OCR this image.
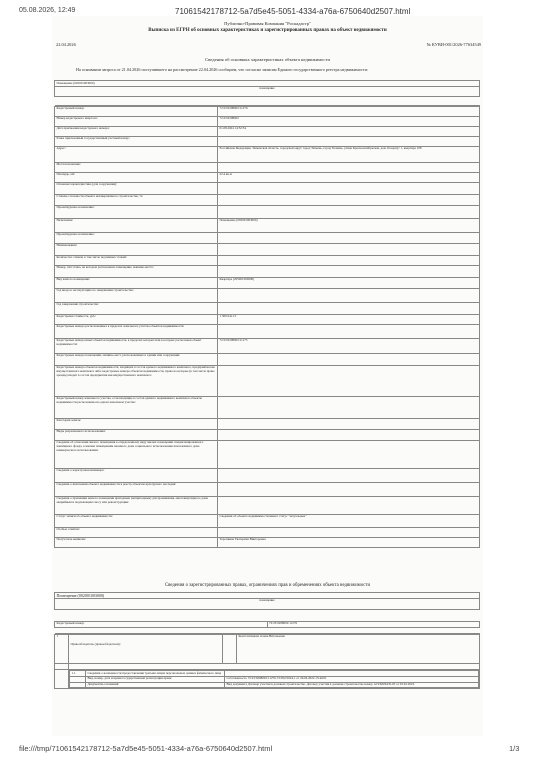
05.08.2026, 12:49	71061542178712-5a7d5e45-5051-4334-a76a-6750640d2507.html
Публично-Правовая Компания "Роскадастр"
Выписка из ЕГРН об основных характеристиках и зарегистрированных правах на объект недвижимости
22.04.2026	№ КУВИ-001/2026-77634549
Сведения об основных характеристиках объекта недвижимости
На основании запроса от 21.04.2026 поступившего на рассмотрение 22.04.2026 сообщаем, что согласно записям Единого государственного реестра недвижимости:
Помещение (002001003000)
помещение

Кадастровый номер:	72:23:0208002:11276
Номер кадастрового квартала:	72:23:0208002
Дата присвоения кадастрового номера:	01.08.2024 14:52:54
Ранее присвоенный государственный учетный номер:	
Адрес:	Российская Федерация, Тюменская область, городской округ город Тюмень, город Тюмень, улица Краснооктябрьская, дом 16 корпус 1, квартира 108
Местоположение:	
Площадь, м2:	22.4 кв.м
Основная характеристика (для сооружения):	
Степень готовности объекта незавершенного строительства, %:	
Проектируемое назначение:	
Назначение:	Помещение (002001003000)
Проектируемое назначение:	
Наименование:	
Количество этажей, в том числе подземных этажей:	
Номер, тип этажа, на котором расположено помещение, машино-место:	
Вид жилого помещения:	Квартира (205001000000)
Год ввода в эксплуатацию по завершении строительства:	
Год завершения строительства:	
Кадастровая стоимость, руб.:	1 309 641.15
Кадастровые номера расположенных в пределах земельного участка объектов недвижимости:	
Кадастровые номера иных объектов недвижимости, в пределах которых или в которых расположен объект недвижимости:	72:23:0208002:11175
Кадастровые номера помещений, машино-мест, расположенных в здании или сооружении:	
Кадастровые номера объектов недвижимости, входящих в состав единого недвижимого комплекса, предприятия как имущественного комплекса либо кадастровые номера объектов недвижимости, права на которые (в том числе право аренды) входят в состав предприятия как имущественного комплекса:	
Кадастровый номер земельного участка, если входящие в состав единого недвижимого комплекса объекты недвижимости расположены на одном земельном участке:	
Категория земель:	
Виды разрешенного использования:	
Сведения об отнесении жилого помещения к определенному виду жилых помещений специализированного жилищного фонда, к жилым помещениям наемного дома социального использования или наемного дома коммерческого использования:	
Сведения о кадастровом инженере:	
Сведения о включении объекта недвижимости в реестр объектов культурного наследия:	
Сведения о признании жилого помещения пригодным (непригодным) для проживания, многоквартирного дома аварийным и подлежащим сносу или реконструкции:	
Статус записи об объекте недвижимости:	Сведения об объекте недвижимости имеют статус "актуальные"
Особые отметки:	
Получатель выписки:	Торопкина Екатерина Викторовна
Сведения о зарегистрированных правах, ограничениях прав и обременениях объекта недвижимости
Помещение (002001003000)
помещение

Кадастровый номер:	72:23:0208002:11276

1	Правообладатель (правообладатели):		Константинова Алена Витальевна

1.1	Сведения о возможности предоставления третьим лицам персональных данных физического лица	
	Вид, номер, дата и время государственной регистрации права:	Собственность 72:23:0208002:11276-72/052/2024-1 от 26.04.2024 15:44:01
	Документы-основания:	Вид документа Договор участия в долевом строительстве. Договор участия в долевом строительстве номер 12/2/К8/К2/Б-03 от 03.02.2023.
file:///tmp/71061542178712-5a7d5e45-5051-4334-a76a-6750640d2507.html	1/3
